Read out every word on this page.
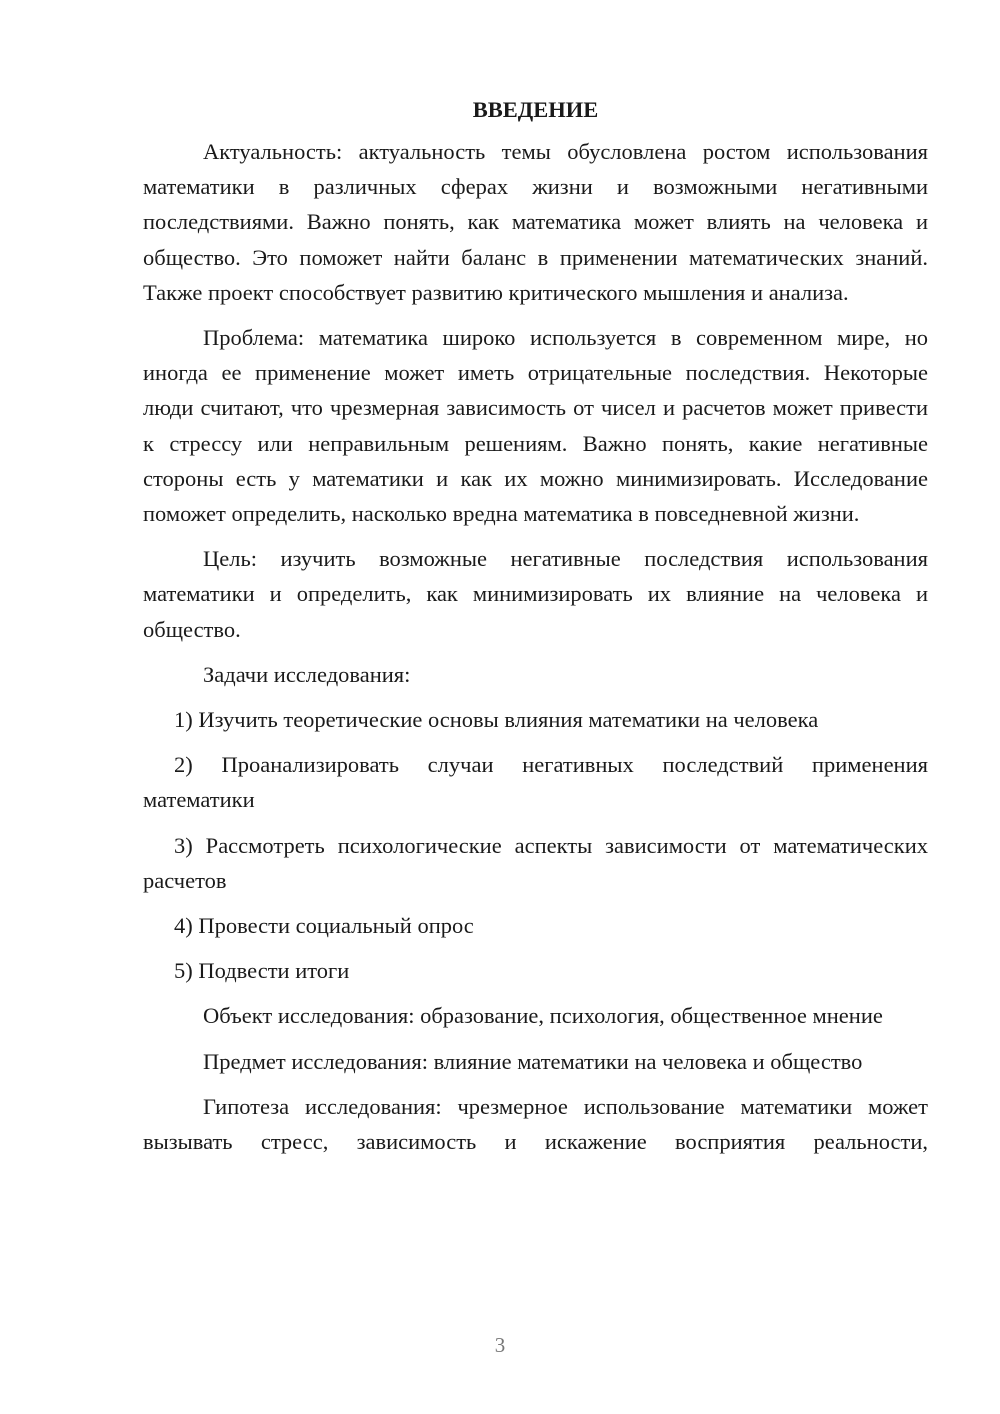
ВВЕДЕНИЕ

Актуальность: актуальность темы обусловлена ростом использования математики в различных сферах жизни и возможными негативными последствиями. Важно понять, как математика может влиять на человека и общество. Это поможет найти баланс в применении математических знаний. Также проект способствует развитию критического мышления и анализа.

Проблема: математика широко используется в современном мире, но иногда ее применение может иметь отрицательные последствия. Некоторые люди считают, что чрезмерная зависимость от чисел и расчетов может привести к стрессу или неправильным решениям. Важно понять, какие негативные стороны есть у математики и как их можно минимизировать. Исследование поможет определить, насколько вредна математика в повседневной жизни.

Цель: изучить возможные негативные последствия использования математики и определить, как минимизировать их влияние на человека и общество.

Задачи исследования:

1) Изучить теоретические основы влияния математики на человека

2) Проанализировать случаи негативных последствий применения математики

3) Рассмотреть психологические аспекты зависимости от математических расчетов

4) Провести социальный опрос

5) Подвести итоги

Объект исследования: образование, психология, общественное мнение

Предмет исследования: влияние математики на человека и общество

Гипотеза исследования: чрезмерное использование математики может вызывать стресс, зависимость и искажение восприятия реальности,

3
